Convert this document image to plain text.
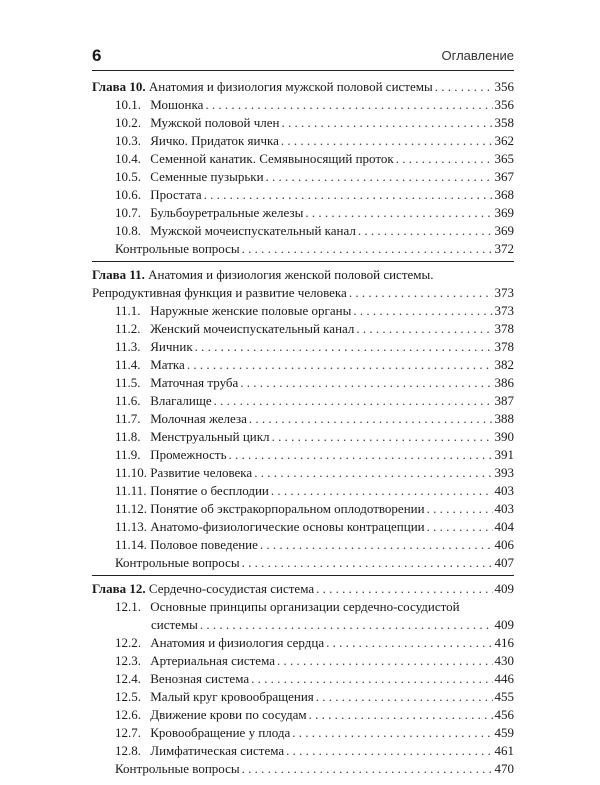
6	Оглавление
Глава 10. Анатомия и физиология мужской половой системы . . .	356
10.1. Мошонка . . .	356
10.2. Мужской половой член . . .	358
10.3. Яичко. Придаток яичка . . .	362
10.4. Семенной канатик. Семявыносящий проток . . .	365
10.5. Семенные пузырьки . . .	367
10.6. Простата . . .	368
10.7. Бульбоуретральные железы . . .	369
10.8. Мужской мочеиспускательный канал . . .	369
Контрольные вопросы . . .	372
Глава 11. Анатомия и физиология женской половой системы.
Репродуктивная функция и развитие человека . . .	373
11.1. Наружные женские половые органы . . .	373
11.2. Женский мочеиспускательный канал . . .	378
11.3. Яичник . . .	378
11.4. Матка . . .	382
11.5. Маточная труба . . .	386
11.6. Влагалище . . .	387
11.7. Молочная железа . . .	388
11.8. Менструальный цикл . . .	390
11.9. Промежность . . .	391
11.10. Развитие человека . . .	393
11.11. Понятие о бесплодии . . .	403
11.12. Понятие об экстракорпоральном оплодотворении . . .	403
11.13. Анатомо-физиологические основы контрацепции . . .	404
11.14. Половое поведение . . .	406
Контрольные вопросы . . .	407
Глава 12. Сердечно-сосудистая система . . .	409
12.1. Основные принципы организации сердечно-сосудистой
системы . . .	409
12.2. Анатомия и физиология сердца . . .	416
12.3. Артериальная система . . .	430
12.4. Венозная система . . .	446
12.5. Малый круг кровообращения . . .	455
12.6. Движение крови по сосудам . . .	456
12.7. Кровообращение у плода . . .	459
12.8. Лимфатическая система . . .	461
Контрольные вопросы . . .	470
